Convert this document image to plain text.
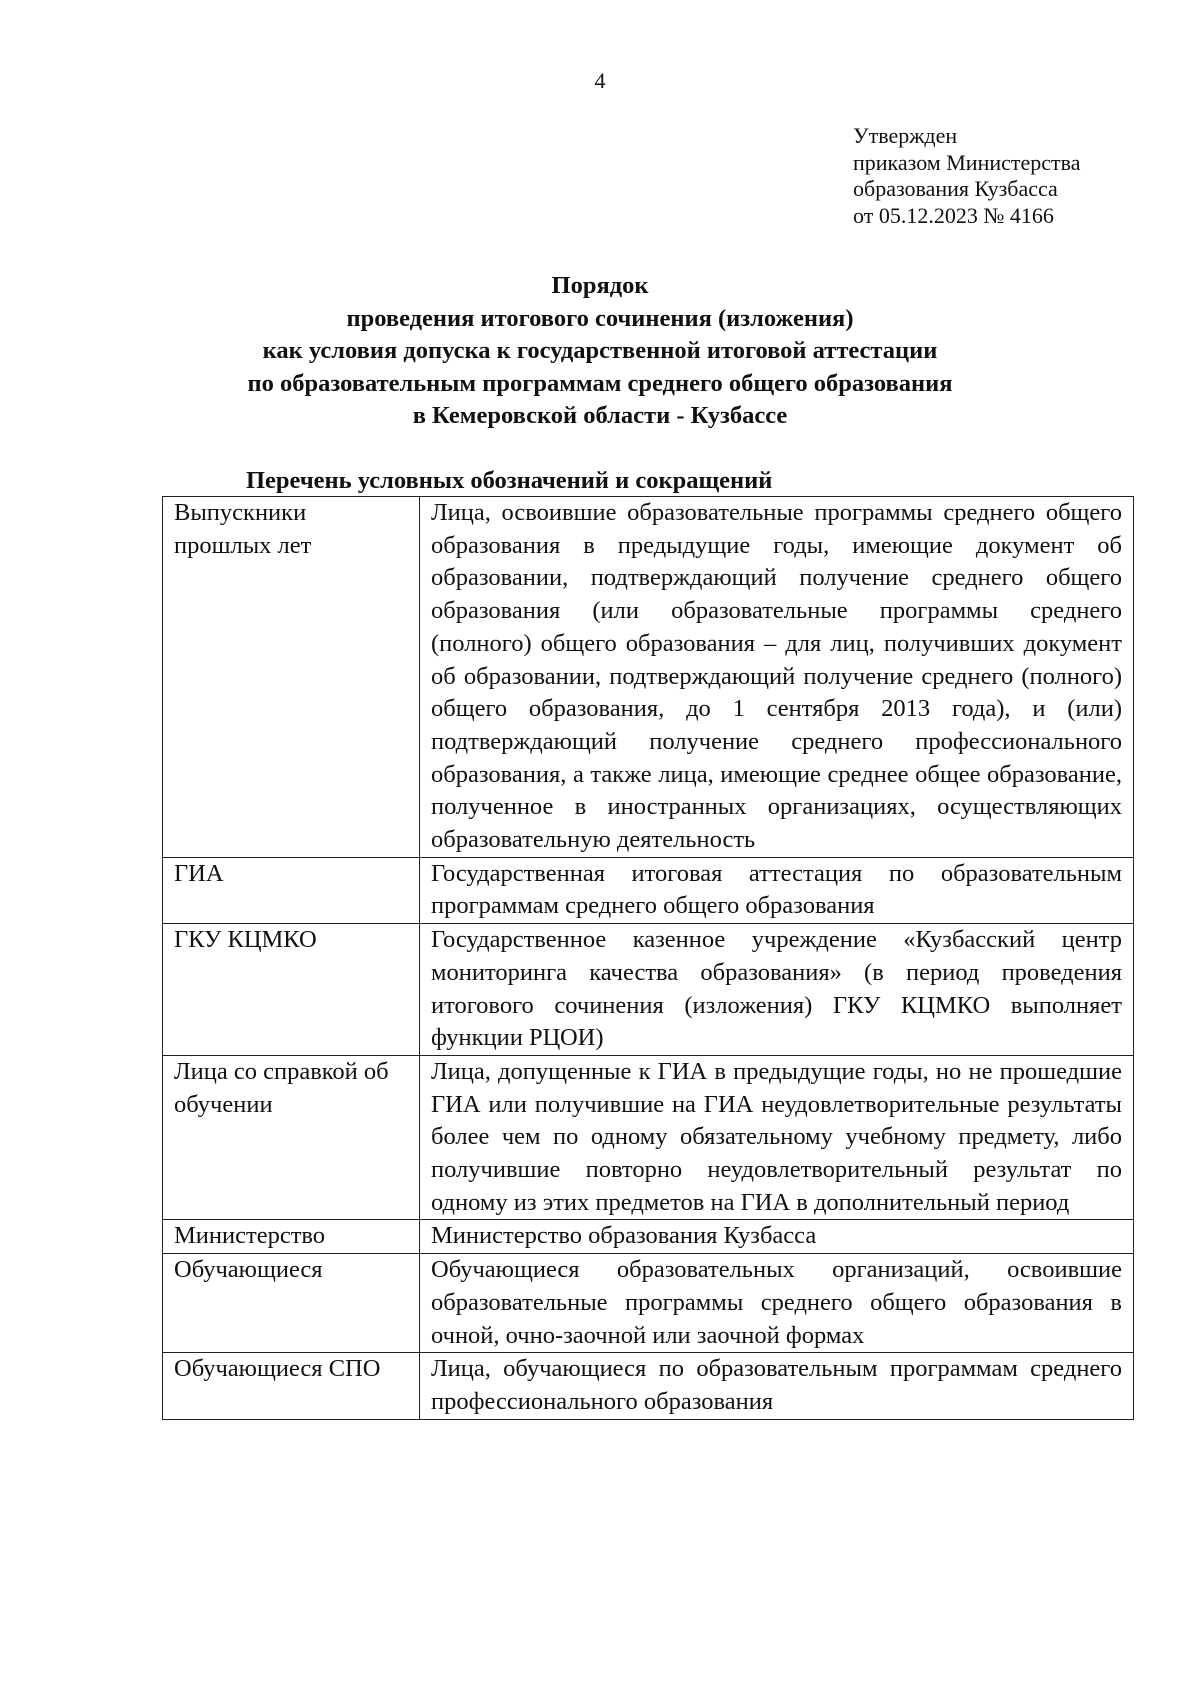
4
Утвержден
приказом Министерства
образования Кузбасса
от 05.12.2023 № 4166
Порядок
проведения итогового сочинения (изложения)
как условия допуска к государственной итоговой аттестации
по образовательным программам среднего общего образования
в Кемеровской области - Кузбассе
Перечень условных обозначений и сокращений
Выпускники прошлых лет	Лица, освоившие образовательные программы среднего общего образования в предыдущие годы, имеющие документ об образовании, подтверждающий получение среднего общего образования (или образовательные программы среднего (полного) общего образования – для лиц, получивших документ об образовании, подтверждающий получение среднего (полного) общего образования, до 1 сентября 2013 года), и (или) подтверждающий получение среднего профессионального образования, а также лица, имеющие среднее общее образование, полученное в иностранных организациях, осуществляющих образовательную деятельность
ГИА	Государственная итоговая аттестация по образовательным программам среднего общего образования
ГКУ КЦМКО	Государственное казенное учреждение «Кузбасский центр мониторинга качества образования» (в период проведения итогового сочинения (изложения) ГКУ КЦМКО выполняет функции РЦОИ)
Лица со справкой об обучении	Лица, допущенные к ГИА в предыдущие годы, но не прошедшие ГИА или получившие на ГИА неудовлетворительные результаты более чем по одному обязательному учебному предмету, либо получившие повторно неудовлетворительный результат по одному из этих предметов на ГИА в дополнительный период
Министерство	Министерство образования Кузбасса
Обучающиеся	Обучающиеся образовательных организаций, освоившие образовательные программы среднего общего образования в очной, очно-заочной или заочной формах
Обучающиеся СПО	Лица, обучающиеся по образовательным программам среднего профессионального образования
